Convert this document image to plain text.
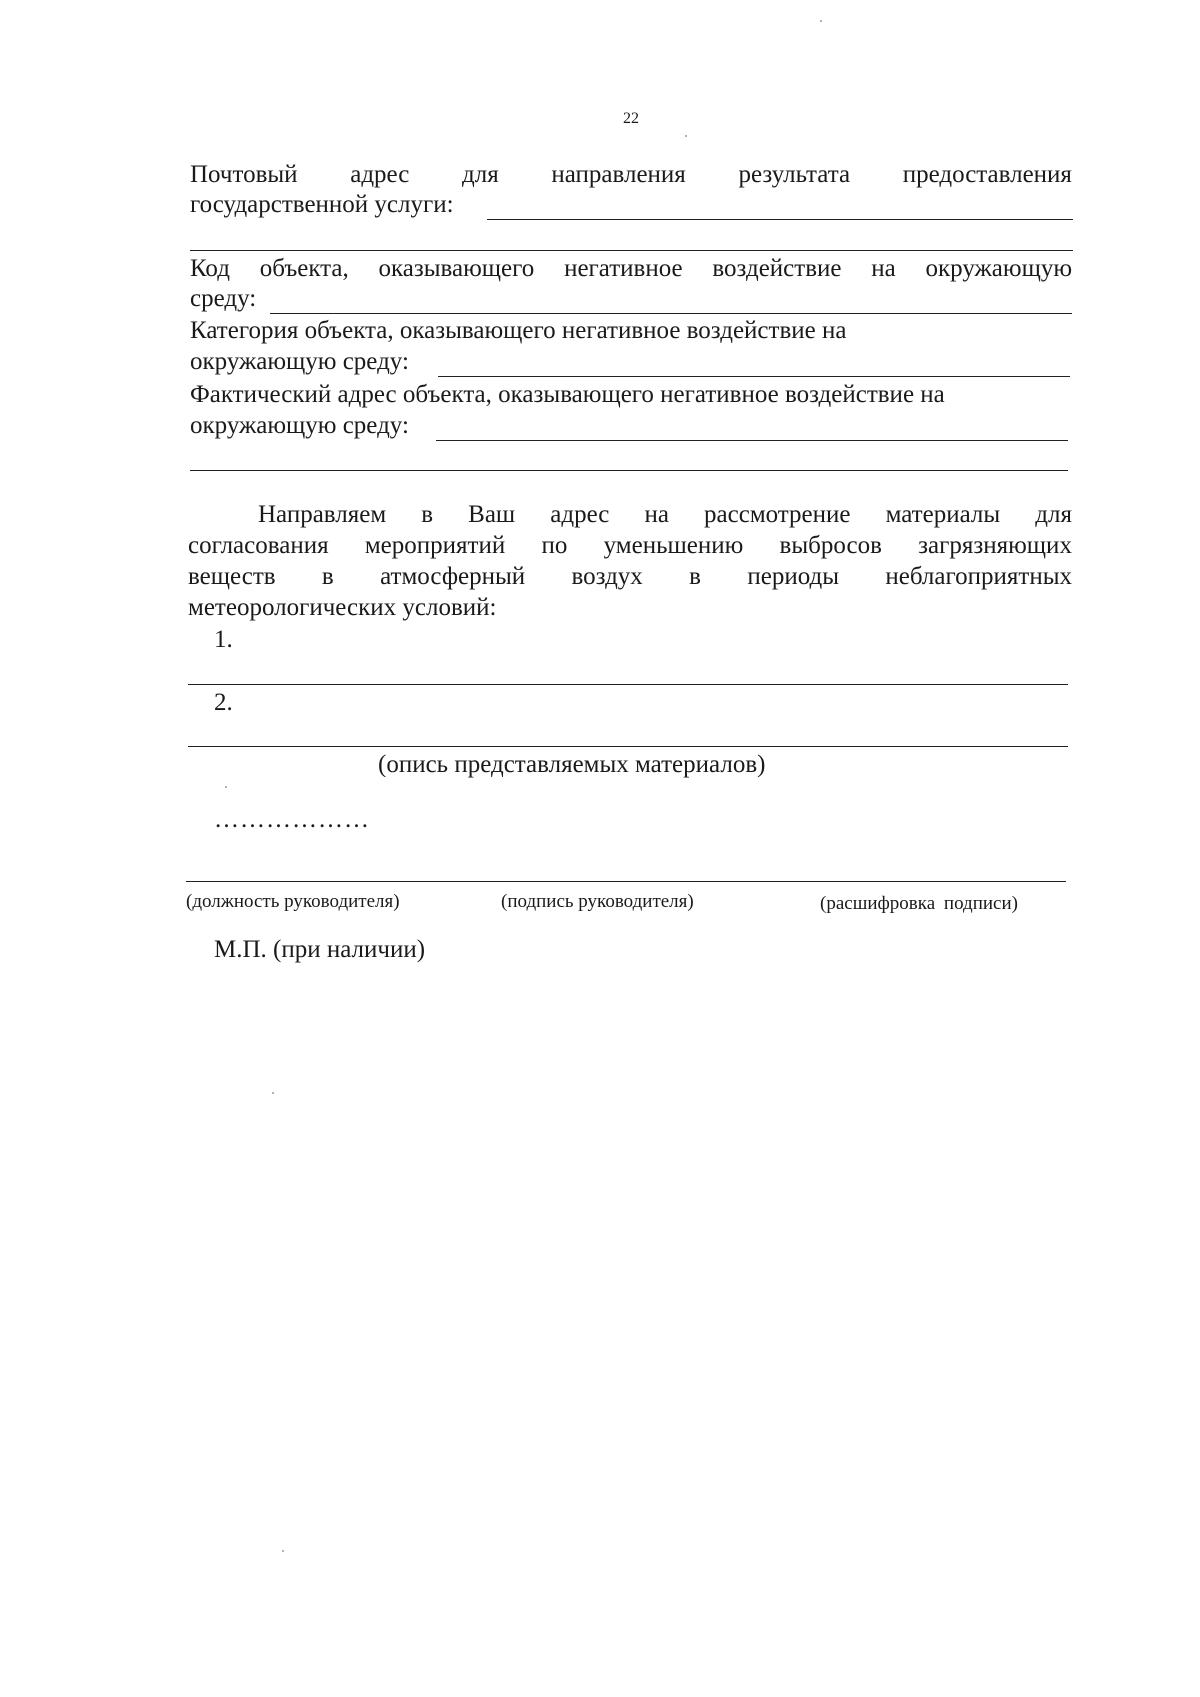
22
Почтовый адрес для направления результата предоставления
государственной услуги:
Код объекта, оказывающего негативное воздействие на окружающую
среду:
Категория объекта, оказывающего негативное воздействие на
окружающую среду:
Фактический адрес объекта, оказывающего негативное воздействие на
окружающую среду:
Направляем в Ваш адрес на рассмотрение материалы для
согласования мероприятий по уменьшению выбросов загрязняющих
веществ в атмосферный воздух в периоды неблагоприятных
метеорологических условий:
1.
2.
(опись представляемых материалов)
………………
(должность руководителя)	(подпись руководителя)	(расшифровка подписи)
М.П. (при наличии)
